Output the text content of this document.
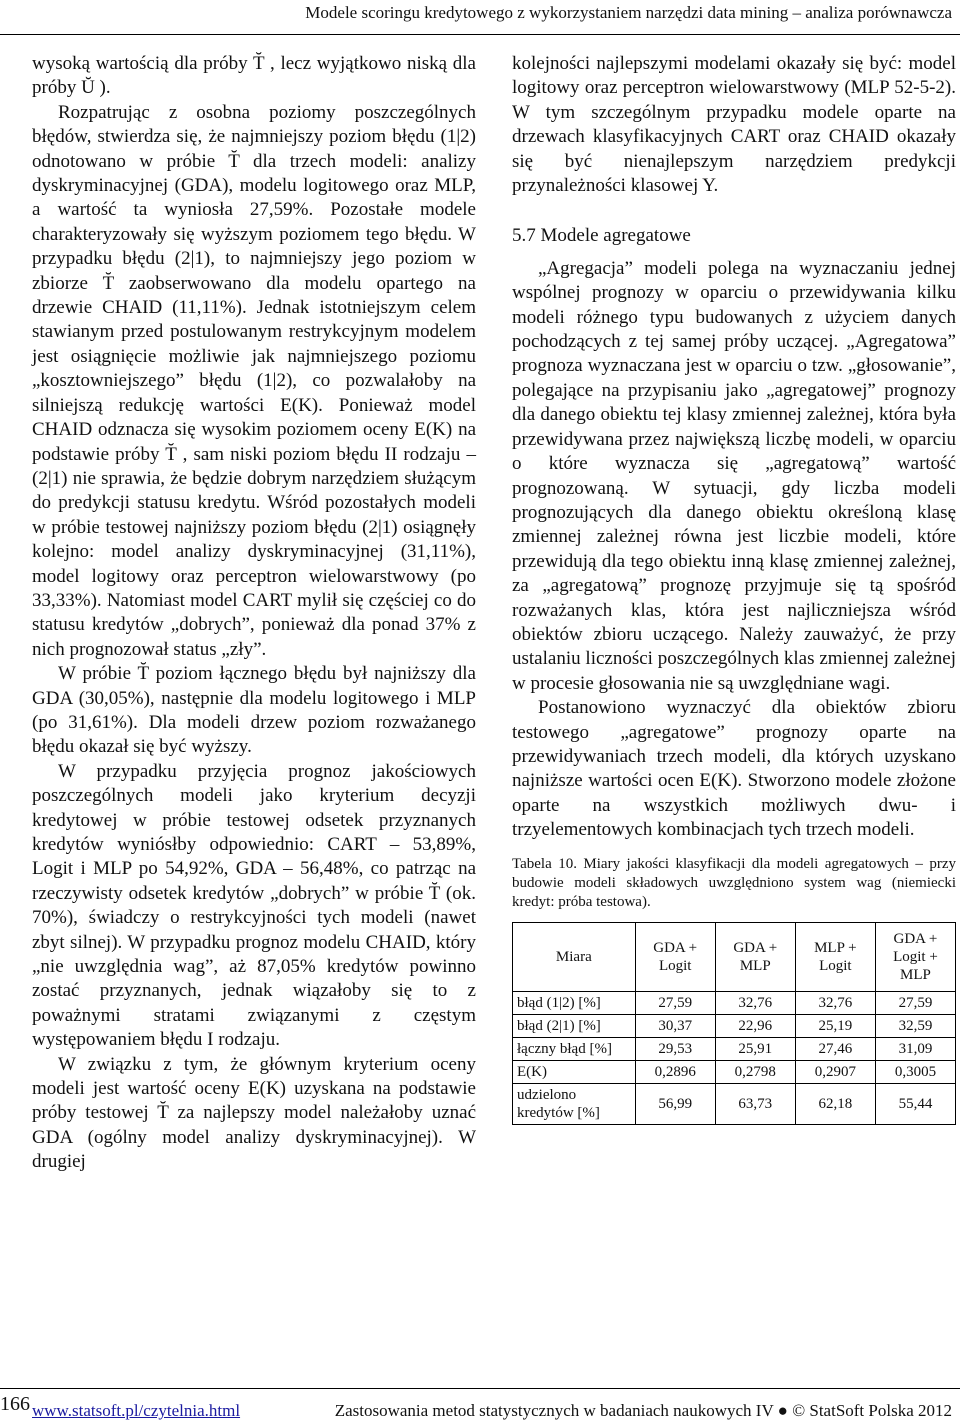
Modele scoringu kredytowego z wykorzystaniem narzędzi data mining – analiza porównawcza

wysoką wartością dla próby T̆ , lecz wyjątkowo niską dla próby Ŭ ).

Rozpatrując z osobna poziomy poszczególnych błędów, stwierdza się, że najmniejszy poziom błędu (1|2) odnotowano w próbie T̆ dla trzech modeli: analizy dyskryminacyjnej (GDA), modelu logitowego oraz MLP, a wartość ta wyniosła 27,59%. Pozostałe modele charakteryzowały się wyższym poziomem tego błędu. W przypadku błędu (2|1), to najmniejszy jego poziom w zbiorze T̆ zaobserwowano dla modelu opartego na drzewie CHAID (11,11%). Jednak istotniejszym celem stawianym przed postulowanym restrykcyjnym modelem jest osiągnięcie możliwie jak najmniejszego poziomu „kosztowniejszego” błędu (1|2), co pozwalałoby na silniejszą redukcję wartości E(K). Ponieważ model CHAID odznacza się wysokim poziomem oceny E(K) na podstawie próby T̆ , sam niski poziom błędu II rodzaju – (2|1) nie sprawia, że będzie dobrym narzędziem służącym do predykcji statusu kredytu. Wśród pozostałych modeli w próbie testowej najniższy poziom błędu (2|1) osiągnęły kolejno: model analizy dyskryminacyjnej (31,11%), model logitowy oraz perceptron wielowarstwowy (po 33,33%). Natomiast model CART mylił się częściej co do statusu kredytów „dobrych”, ponieważ dla ponad 37% z nich prognozował status „zły”.

W próbie T̆ poziom łącznego błędu był najniższy dla GDA (30,05%), następnie dla modelu logitowego i MLP (po 31,61%). Dla modeli drzew poziom rozważanego błędu okazał się być wyższy.

W przypadku przyjęcia prognoz jakościowych poszczególnych modeli jako kryterium decyzji kredytowej w próbie testowej odsetek przyznanych kredytów wyniósłby odpowiednio: CART – 53,89%, Logit i MLP po 54,92%, GDA – 56,48%, co patrząc na rzeczywisty odsetek kredytów „dobrych” w próbie T̆ (ok. 70%), świadczy o restrykcyjności tych modeli (nawet zbyt silnej). W przypadku prognoz modelu CHAID, który „nie uwzględnia wag”, aż 87,05% kredytów powinno zostać przyznanych, jednak wiązałoby się to z poważnymi stratami związanymi z częstym występowaniem błędu I rodzaju.

W związku z tym, że głównym kryterium oceny modeli jest wartość oceny E(K) uzyskana na podstawie próby testowej T̆ za najlepszy model należałoby uznać GDA (ogólny model analizy dyskryminacyjnej). W drugiej

kolejności najlepszymi modelami okazały się być: model logitowy oraz perceptron wielowarstwowy (MLP 52-5-2). W tym szczególnym przypadku modele oparte na drzewach klasyfikacyjnych CART oraz CHAID okazały się być nienajlepszym narzędziem predykcji przynależności klasowej Y.

5.7 Modele agregatowe

„Agregacja” modeli polega na wyznaczaniu jednej wspólnej prognozy w oparciu o przewidywania kilku modeli różnego typu budowanych z użyciem danych pochodzących z tej samej próby uczącej. „Agregatowa” prognoza wyznaczana jest w oparciu o tzw. „głosowanie”, polegające na przypisaniu jako „agregatowej” prognozy dla danego obiektu tej klasy zmiennej zależnej, która była przewidywana przez największą liczbę modeli, w oparciu o które wyznacza się „agregatową” wartość prognozowaną. W sytuacji, gdy liczba modeli prognozujących dla danego obiektu określoną klasę zmiennej zależnej równa jest liczbie modeli, które przewidują dla tego obiektu inną klasę zmiennej zależnej, za „agregatową” prognozę przyjmuje się tą spośród rozważanych klas, która jest najliczniejsza wśród obiektów zbioru uczącego. Należy zauważyć, że przy ustalaniu liczności poszczególnych klas zmiennej zależnej w procesie głosowania nie są uwzględniane wagi.

Postanowiono wyznaczyć dla obiektów zbioru testowego „agregatowe” prognozy oparte na przewidywaniach trzech modeli, dla których uzyskano najniższe wartości ocen E(K). Stworzono modele złożone oparte na wszystkich możliwych dwu- i trzyelementowych kombinacjach tych trzech modeli.

Tabela 10. Miary jakości klasyfikacji dla modeli agregatowych – przy budowie modeli składowych uwzględniono system wag (niemiecki kredyt: próba testowa).

Miara	GDA + Logit	GDA + MLP	MLP + Logit	GDA + Logit + MLP
błąd (1|2) [%]	27,59	32,76	32,76	27,59
błąd (2|1) [%]	30,37	22,96	25,19	32,59
łączny błąd [%]	29,53	25,91	27,46	31,09
E(K)	0,2896	0,2798	0,2907	0,3005
udzielono kredytów [%]	56,99	63,73	62,18	55,44
166 www.statsoft.pl/czytelnia.html	Zastosowania metod statystycznych w badaniach naukowych IV ● © StatSoft Polska 2012
